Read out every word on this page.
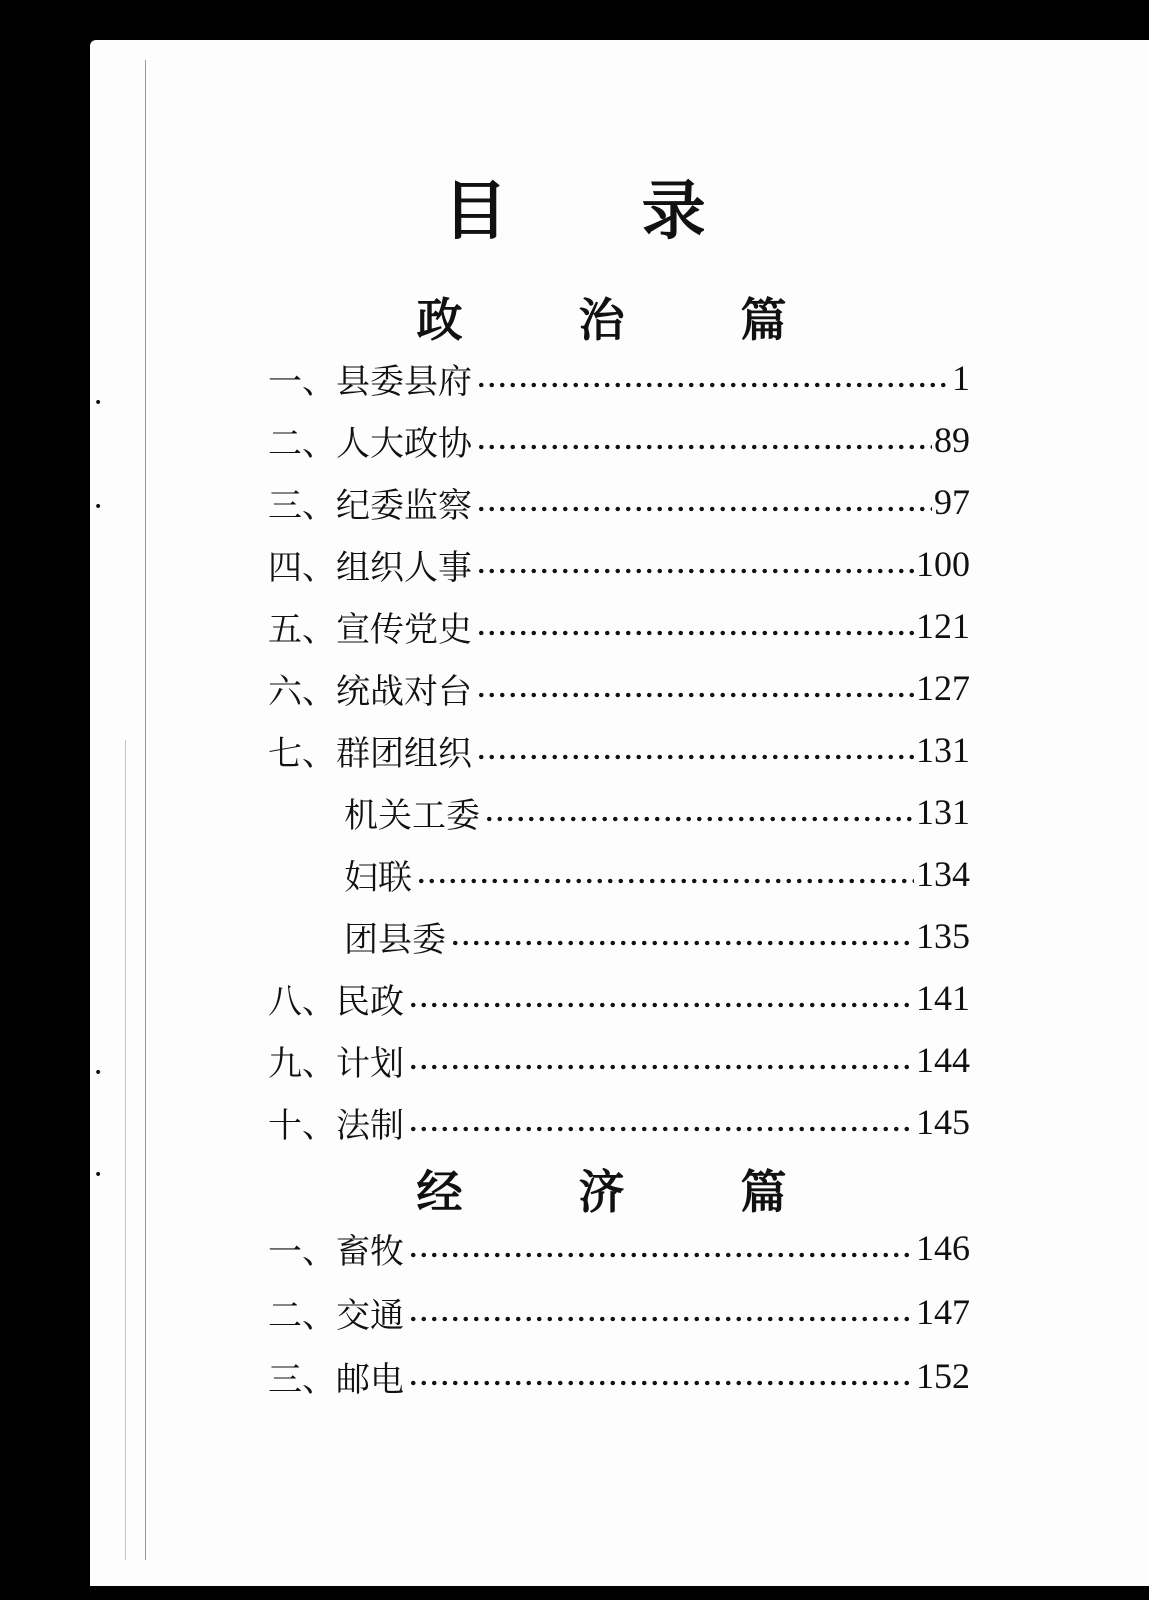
•
•
•
•
目 录
政 治 篇
一、县委县府	1
二、人大政协	89
三、纪委监察	97
四、组织人事	100
五、宣传党史	121
六、统战对台	127
七、群团组织	131
机关工委	131
妇联	134
团县委	135
八、民政	141
九、计划	144
十、法制	145
经 济 篇
一、畜牧	146
二、交通	147
三、邮电	152
